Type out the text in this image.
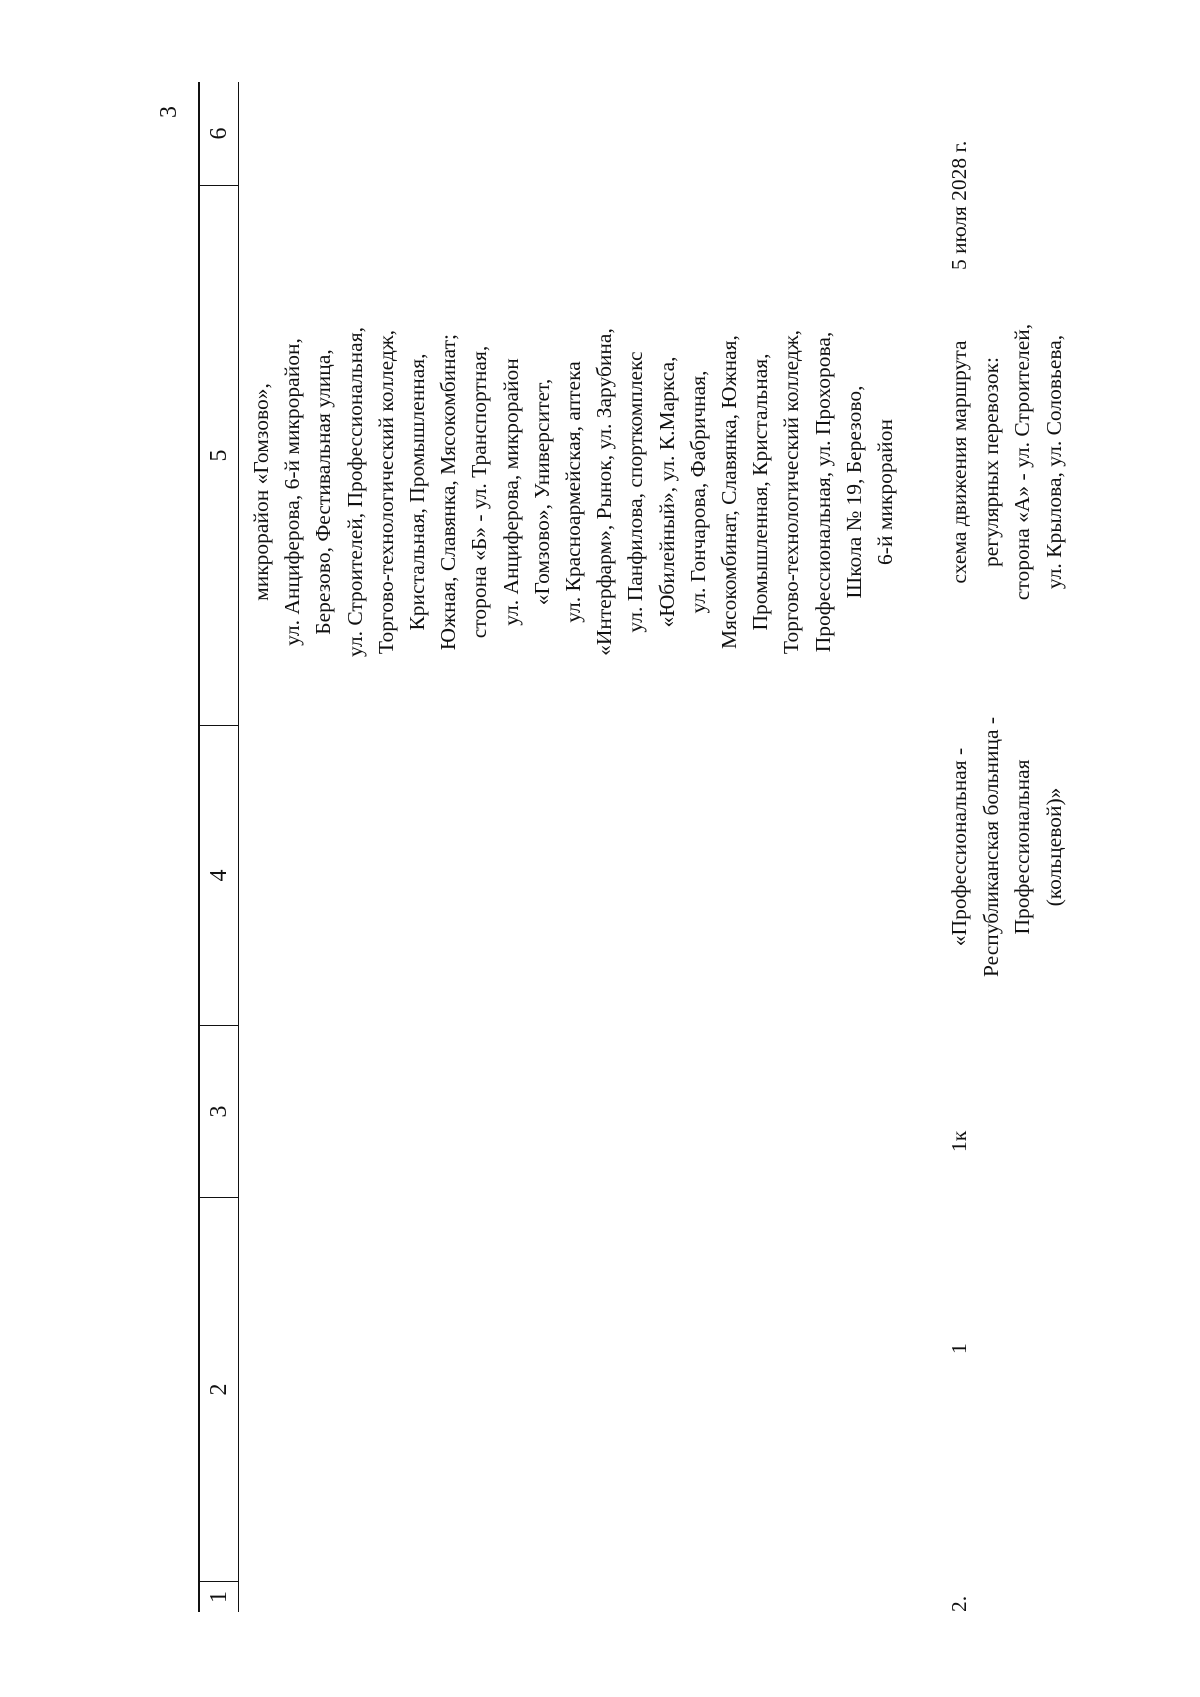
3
1
2
3
4
5
6
микрорайон «Гомзово», ул. Анциферова, 6-й микрорайон, Березово, Фестивальная улица, ул. Строителей, Профессиональная, Торгово-технологический колледж, Кристальная, Промышленная, Южная, Славянка, Мясокомбинат; сторона «Б» - ул. Транспортная, ул. Анциферова, микрорайон «Гомзово», Университет, ул. Красноармейская, аптека «Интерфарм», Рынок, ул. Зарубина, ул. Панфилова, спорткомплекс «Юбилейный», ул. К.Маркса, ул. Гончарова, Фабричная, Мясокомбинат, Славянка, Южная, Промышленная, Кристальная, Торгово-технологический колледж, Профессиональная, ул. Прохорова, Школа № 19, Березово, 6-й микрорайон
2.
1
1к
«Профессиональная - Республиканская больница - Профессиональная (кольцевой)»
схема движения маршрута регулярных перевозок: сторона «А» - ул. Строителей, ул. Крылова, ул. Соловьева,
5 июля 2028 г.
